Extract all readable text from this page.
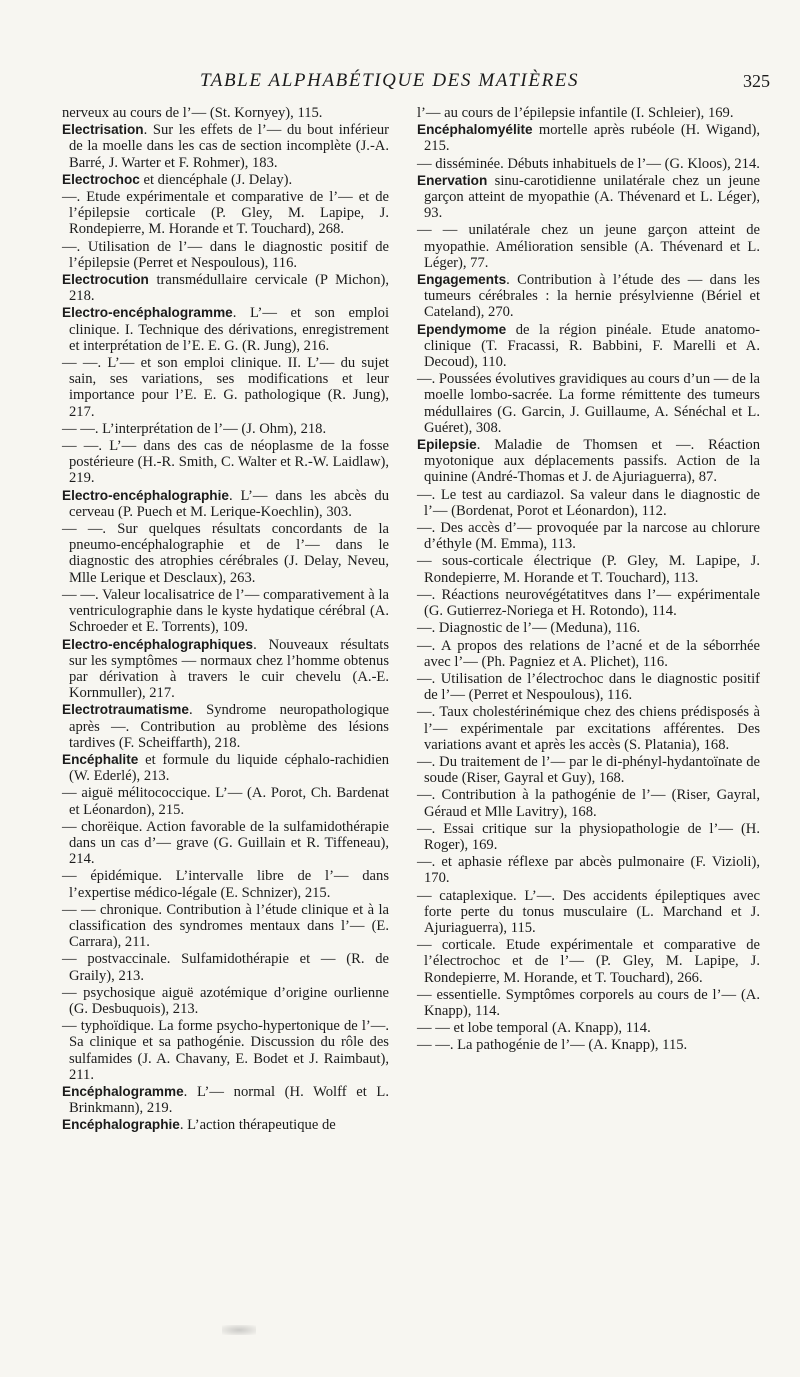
TABLE ALPHABÉTIQUE DES MATIÈRES	325
nerveux au cours de l’— (St. Kornyey), 115.
Electrisation. Sur les effets de l’— du bout inférieur de la moelle dans les cas de section incomplète (J.-A. Barré, J. Warter et F. Rohmer), 183.
Electrochoc et diencéphale (J. Delay).
—. Etude expérimentale et comparative de l’— et de l’épilepsie corticale (P. Gley, M. Lapipe, J. Rondepierre, M. Horande et T. Touchard), 268.
—. Utilisation de l’— dans le diagnostic positif de l’épilepsie (Perret et Nespoulous), 116.
Electrocution transmédullaire cervicale (P Michon), 218.
Electro-encéphalogramme. L’— et son emploi clinique. I. Technique des dérivations, enregistrement et interprétation de l’E. E. G. (R. Jung), 216.
— —. L’— et son emploi clinique. II. L’— du sujet sain, ses variations, ses modifications et leur importance pour l’E. E. G. pathologique (R. Jung), 217.
— —. L’interprétation de l’— (J. Ohm), 218.
— —. L’— dans des cas de néoplasme de la fosse postérieure (H.-R. Smith, C. Walter et R.-W. Laidlaw), 219.
Electro-encéphalographie. L’— dans les abcès du cerveau (P. Puech et M. Lerique-Koechlin), 303.
— —. Sur quelques résultats concordants de la pneumo-encéphalographie et de l’— dans le diagnostic des atrophies cérébrales (J. Delay, Neveu, Mlle Lerique et Desclaux), 263.
— —. Valeur localisatrice de l’— comparativement à la ventriculographie dans le kyste hydatique cérébral (A. Schroeder et E. Torrents), 109.
Electro-encéphalographiques. Nouveaux résultats sur les symptômes — normaux chez l’homme obtenus par dérivation à travers le cuir chevelu (A.-E. Kornmuller), 217.
Electrotraumatisme. Syndrome neuropathologique après —. Contribution au problème des lésions tardives (F. Scheiffarth), 218.
Encéphalite et formule du liquide céphalo-rachidien (W. Ederlé), 213.
— aiguë mélitococcique. L’— (A. Porot, Ch. Bardenat et Léonardon), 215.
— chorëique. Action favorable de la sulfamidothérapie dans un cas d’— grave (G. Guillain et R. Tiffeneau), 214.
— épidémique. L’intervalle libre de l’— dans l’expertise médico-légale (E. Schnizer), 215.
— — chronique. Contribution à l’étude clinique et à la classification des syndromes mentaux dans l’— (E. Carrara), 211.
— postvaccinale. Sulfamidothérapie et — (R. de Graily), 213.
— psychosique aiguë azotémique d’origine ourlienne (G. Desbuquois), 213.
— typhoïdique. La forme psycho-hypertonique de l’—. Sa clinique et sa pathogénie. Discussion du rôle des sulfamides (J. A. Chavany, E. Bodet et J. Raimbaut), 211.
Encéphalogramme. L’— normal (H. Wolff et L. Brinkmann), 219.
Encéphalographie. L’action thérapeutique de
l’— au cours de l’épilepsie infantile (I. Schleier), 169.
Encéphalomyélite mortelle après rubéole (H. Wigand), 215.
— disséminée. Débuts inhabituels de l’— (G. Kloos), 214.
Enervation sinu-carotidienne unilatérale chez un jeune garçon atteint de myopathie (A. Thévenard et L. Léger), 93.
— — unilatérale chez un jeune garçon atteint de myopathie. Amélioration sensible (A. Thévenard et L. Léger), 77.
Engagements. Contribution à l’étude des — dans les tumeurs cérébrales : la hernie présylvienne (Bériel et Cateland), 270.
Ependymome de la région pinéale. Etude anatomo-clinique (T. Fracassi, R. Babbini, F. Marelli et A. Decoud), 110.
—. Poussées évolutives gravidiques au cours d’un — de la moelle lombo-sacrée. La forme rémittente des tumeurs médullaires (G. Garcin, J. Guillaume, A. Sénéchal et L. Guéret), 308.
Epilepsie. Maladie de Thomsen et —. Réaction myotonique aux déplacements passifs. Action de la quinine (André-Thomas et J. de Ajuriaguerra), 87.
—. Le test au cardiazol. Sa valeur dans le diagnostic de l’— (Bordenat, Porot et Léonardon), 112.
—. Des accès d’— provoquée par la narcose au chlorure d’éthyle (M. Emma), 113.
— sous-corticale électrique (P. Gley, M. Lapipe, J. Rondepierre, M. Horande et T. Touchard), 113.
—. Réactions neurovégétatitves dans l’— expérimentale (G. Gutierrez-Noriega et H. Rotondo), 114.
—. Diagnostic de l’— (Meduna), 116.
—. A propos des relations de l’acné et de la séborrhée avec l’— (Ph. Pagniez et A. Plichet), 116.
—. Utilisation de l’électrochoc dans le diagnostic positif de l’— (Perret et Nespoulous), 116.
—. Taux cholestérinémique chez des chiens prédisposés à l’— expérimentale par excitations afférentes. Des variations avant et après les accès (S. Platania), 168.
—. Du traitement de l’— par le di-phényl-hydantoïnate de soude (Riser, Gayral et Guy), 168.
—. Contribution à la pathogénie de l’— (Riser, Gayral, Géraud et Mlle Lavitry), 168.
—. Essai critique sur la physiopathologie de l’— (H. Roger), 169.
—. et aphasie réflexe par abcès pulmonaire (F. Vizioli), 170.
— cataplexique. L’—. Des accidents épileptiques avec forte perte du tonus musculaire (L. Marchand et J. Ajuriaguerra), 115.
— corticale. Etude expérimentale et comparative de l’électrochoc et de l’— (P. Gley, M. Lapipe, J. Rondepierre, M. Horande, et T. Touchard), 266.
— essentielle. Symptômes corporels au cours de l’— (A. Knapp), 114.
— — et lobe temporal (A. Knapp), 114.
— —. La pathogénie de l’— (A. Knapp), 115.
